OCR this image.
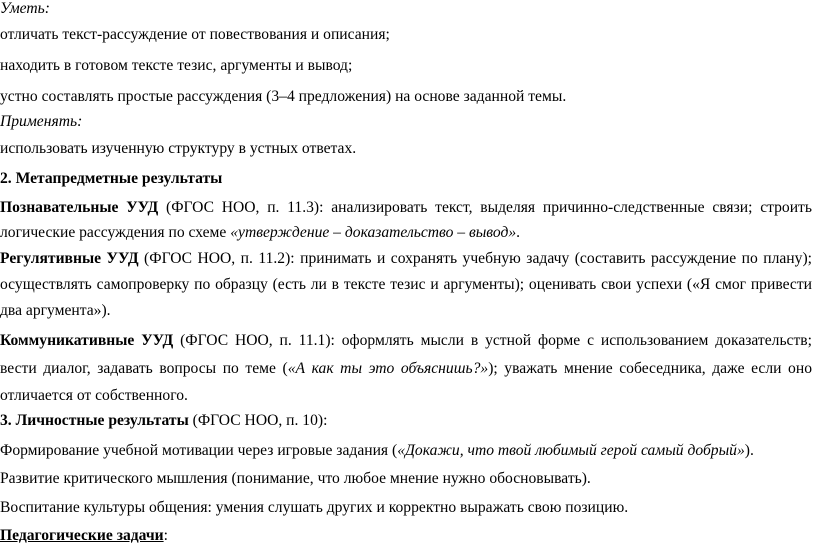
Уметь:
отличать текст-рассуждение от повествования и описания;
находить в готовом тексте тезис, аргументы и вывод;
устно составлять простые рассуждения (3–4 предложения) на основе заданной темы.
Применять:
использовать изученную структуру в устных ответах.
2. Метапредметные результаты
Познавательные УУД (ФГОС НОО, п. 11.3): анализировать текст, выделяя причинно-следственные связи; строить
логические рассуждения по схеме «утверждение – доказательство – вывод».
Регулятивные УУД (ФГОС НОО, п. 11.2): принимать и сохранять учебную задачу (составить рассуждение по плану);
осуществлять самопроверку по образцу (есть ли в тексте тезис и аргументы); оценивать свои успехи («Я смог привести
два аргумента»).
Коммуникативные УУД (ФГОС НОО, п. 11.1): оформлять мысли в устной форме с использованием доказательств;
вести диалог, задавать вопросы по теме («А как ты это объяснишь?»); уважать мнение собеседника, даже если оно
отличается от собственного.
3. Личностные результаты (ФГОС НОО, п. 10):
Формирование учебной мотивации через игровые задания («Докажи, что твой любимый герой самый добрый»).
Развитие критического мышления (понимание, что любое мнение нужно обосновывать).
Воспитание культуры общения: умения слушать других и корректно выражать свою позицию.
Педагогические задачи:
